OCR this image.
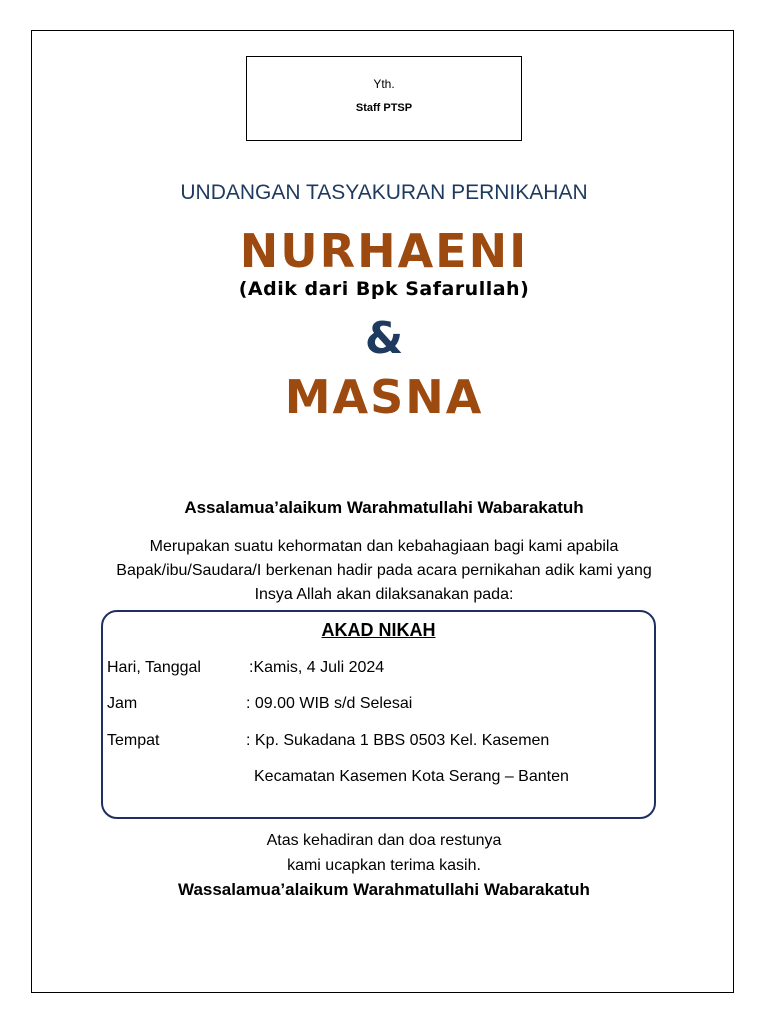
Yth.
Staff PTSP
UNDANGAN TASYAKURAN PERNIKAHAN
NURHAENI
(Adik dari Bpk Safarullah)
&
MASNA
Assalamua’alaikum Warahmatullahi Wabarakatuh
Merupakan suatu kehormatan dan kebahagiaan bagi kami apabila
Bapak/ibu/Saudara/I berkenan hadir pada acara pernikahan adik kami yang
Insya Allah akan dilaksanakan pada:
AKAD NIKAH
Hari, Tanggal	:Kamis, 4 Juli 2024
Jam	: 09.00 WIB s/d Selesai
Tempat	: Kp. Sukadana 1 BBS 0503 Kel. Kasemen
Kecamatan Kasemen Kota Serang – Banten
Atas kehadiran dan doa restunya
kami ucapkan terima kasih.
Wassalamua’alaikum Warahmatullahi Wabarakatuh
